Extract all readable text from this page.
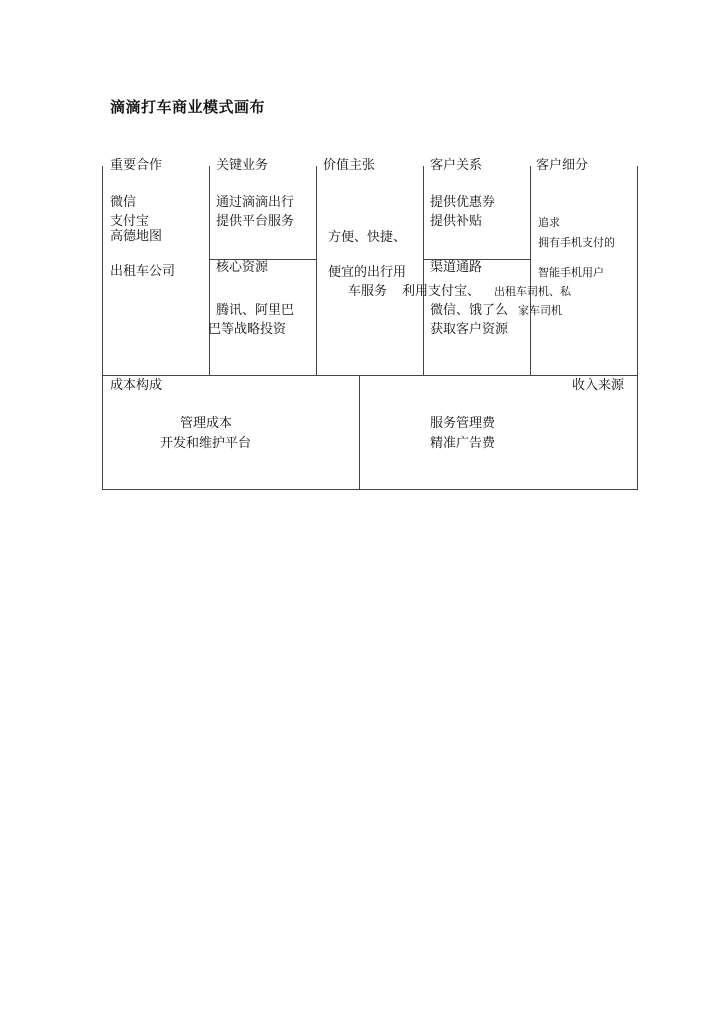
滴滴打车商业模式画布
重要合作
微信
支付宝
高德地图
出租车公司
关键业务
通过滴滴出行
提供平台服务
核心资源
腾讯、阿里巴
巴等战略投资
价值主张
方便、快捷、
便宜的出行用
车服务
客户关系
提供优惠券
提供补贴
渠道通路
利用支付宝、
微信、饿了么
获取客户资源
客户细分
追求
拥有手机支付的
智能手机用户
出租车司机、私
家车司机
成本构成
管理成本
开发和维护平台
收入来源
服务管理费
精准广告费
